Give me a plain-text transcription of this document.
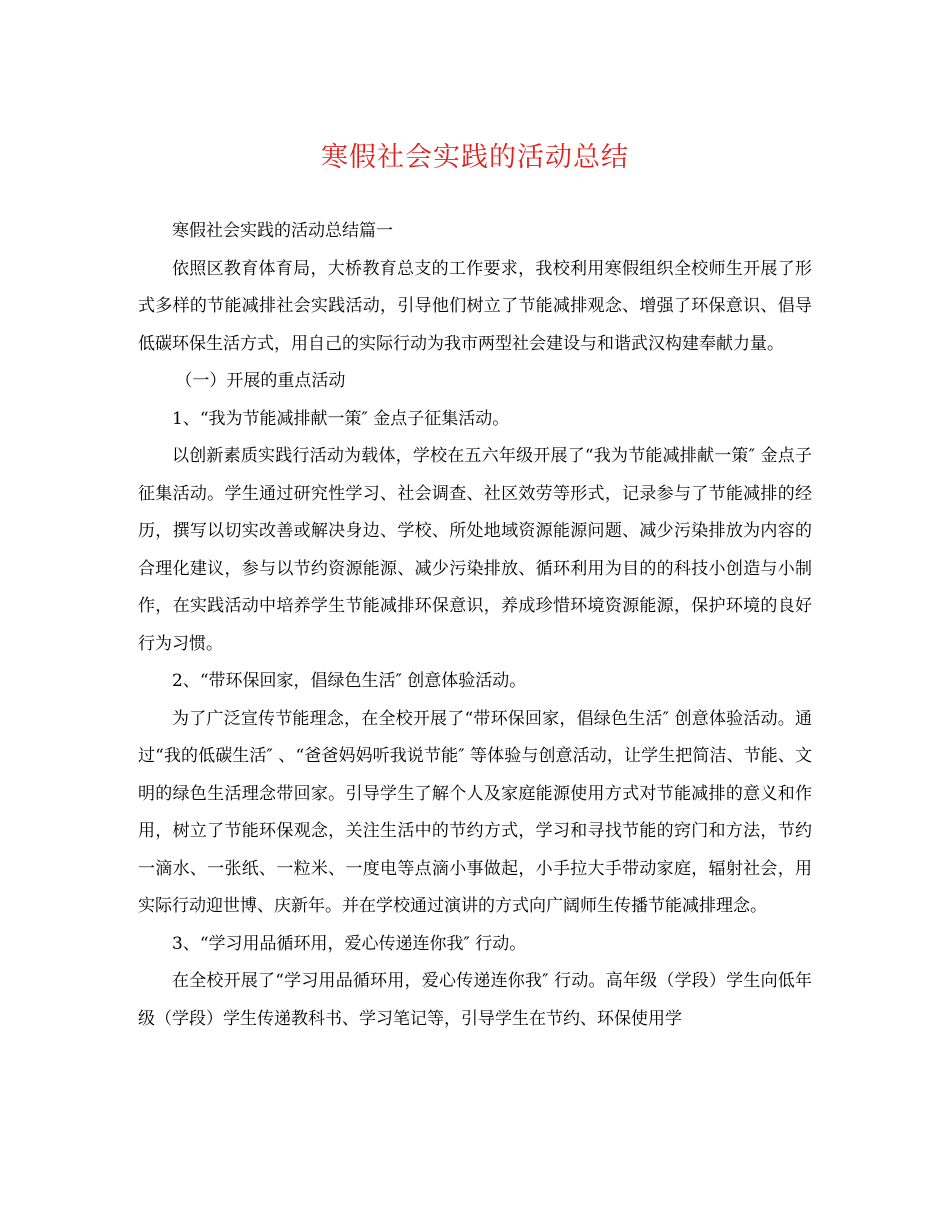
寒假社会实践的活动总结

寒假社会实践的活动总结篇一

依照区教育体育局，大桥教育总支的工作要求，我校利用寒假组织全校师生开展了形式多样的节能减排社会实践活动，引导他们树立了节能减排观念、增强了环保意识、倡导低碳环保生活方式，用自己的实际行动为我市两型社会建设与和谐武汉构建奉献力量。

（一）开展的重点活动

1、“我为节能减排献一策″ 金点子征集活动。

以创新素质实践行活动为载体，学校在五六年级开展了“我为节能减排献一策″ 金点子征集活动。学生通过研究性学习、社会调查、社区效劳等形式，记录参与了节能减排的经历，撰写以切实改善或解决身边、学校、所处地域资源能源问题、减少污染排放为内容的合理化建议，参与以节约资源能源、减少污染排放、循环利用为目的的科技小创造与小制作，在实践活动中培养学生节能减排环保意识，养成珍惜环境资源能源，保护环境的良好行为习惯。

2、“带环保回家，倡绿色生活″ 创意体验活动。

为了广泛宣传节能理念，在全校开展了“带环保回家，倡绿色生活″ 创意体验活动。通过“我的低碳生活″ 、“爸爸妈妈听我说节能″ 等体验与创意活动，让学生把简洁、节能、文明的绿色生活理念带回家。引导学生了解个人及家庭能源使用方式对节能减排的意义和作用，树立了节能环保观念，关注生活中的节约方式，学习和寻找节能的窍门和方法，节约一滴水、一张纸、一粒米、一度电等点滴小事做起，小手拉大手带动家庭，辐射社会，用实际行动迎世博、庆新年。并在学校通过演讲的方式向广阔师生传播节能减排理念。

3、“学习用品循环用，爱心传递连你我″ 行动。

在全校开展了“学习用品循环用，爱心传递连你我″ 行动。高年级（学段）学生向低年级（学段）学生传递教科书、学习笔记等，引导学生在节约、环保使用学
